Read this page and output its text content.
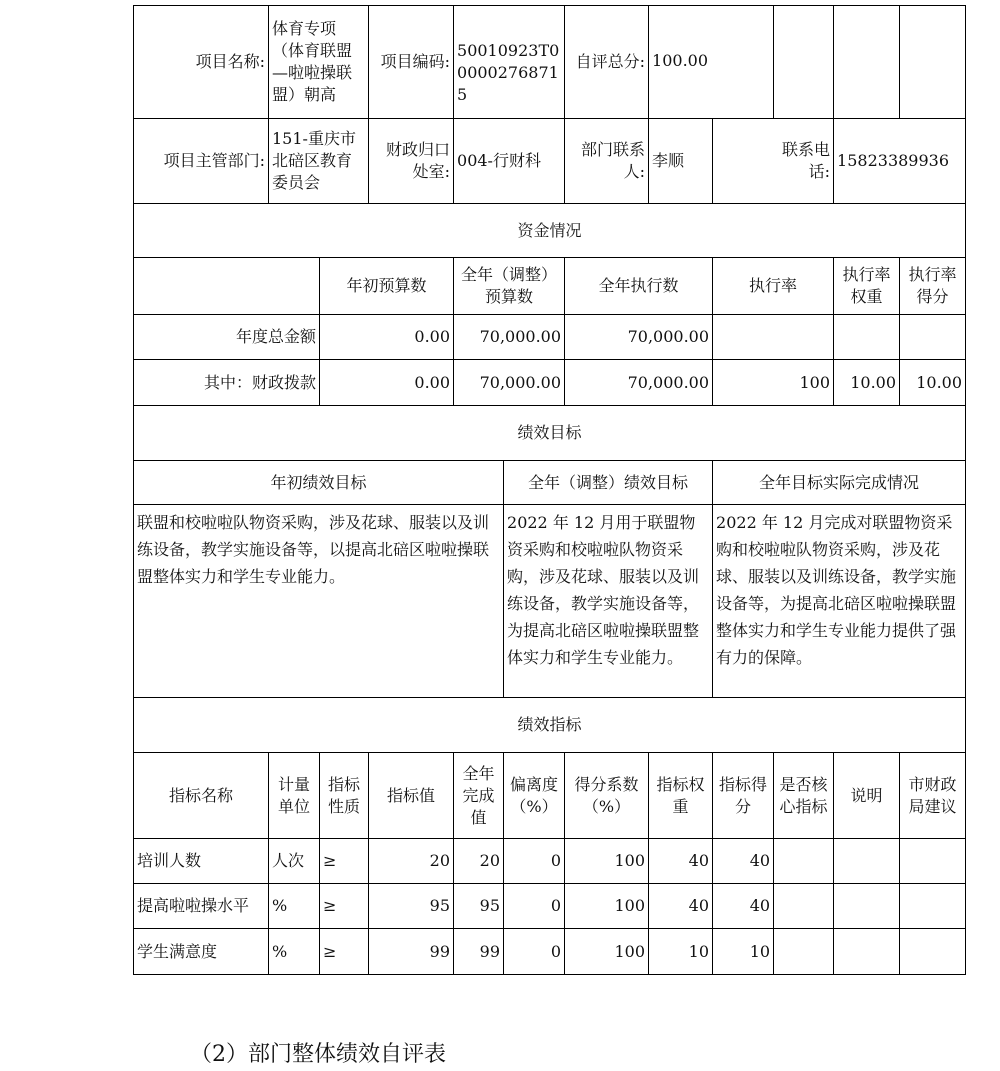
项目名称:	体育专项（体育联盟—啦啦操联盟）朝高		项目编码:	50010923T000002768715		自评总分:	100.00				
项目主管部门:	151-重庆市北碚区教育委员会		财政归口处室:	004-行财科		部门联系人:	李顺	联系电话:		15823389936	
资金情况											
		年初预算数		全年（调整）预算数		全年执行数		执行率		执行率权重	执行率得分
年度总金额		0.00		70,000.00		70,000.00					
其中：财政拨款		0.00		70,000.00		70,000.00		100		10.00	10.00
绩效目标											
年初绩效目标					全年（调整）绩效目标			全年目标实际完成情况			
联盟和校啦啦队物资采购，涉及花球、服装以及训练设备，教学实施设备等，以提高北碚区啦啦操联盟整体实力和学生专业能力。					2022 年 12 月用于联盟物资采购和校啦啦队物资采购，涉及花球、服装以及训练设备，教学实施设备等，为提高北碚区啦啦操联盟整体实力和学生专业能力。			2022 年 12 月完成对联盟物资采购和校啦啦队物资采购，涉及花球、服装以及训练设备，教学实施设备等，为提高北碚区啦啦操联盟整体实力和学生专业能力提供了强有力的保障。			
绩效指标											
指标名称	计量单位	指标性质	指标值	全年完成值	偏离度（%）	得分系数（%）	指标权重	指标得分	是否核心指标	说明	市财政局建议
培训人数	人次	≥	20	20	0	100	40	40			
提高啦啦操水平	%	≥	95	95	0	100	40	40			
学生满意度	%	≥	99	99	0	100	10	10			
（2）部门整体绩效自评表
